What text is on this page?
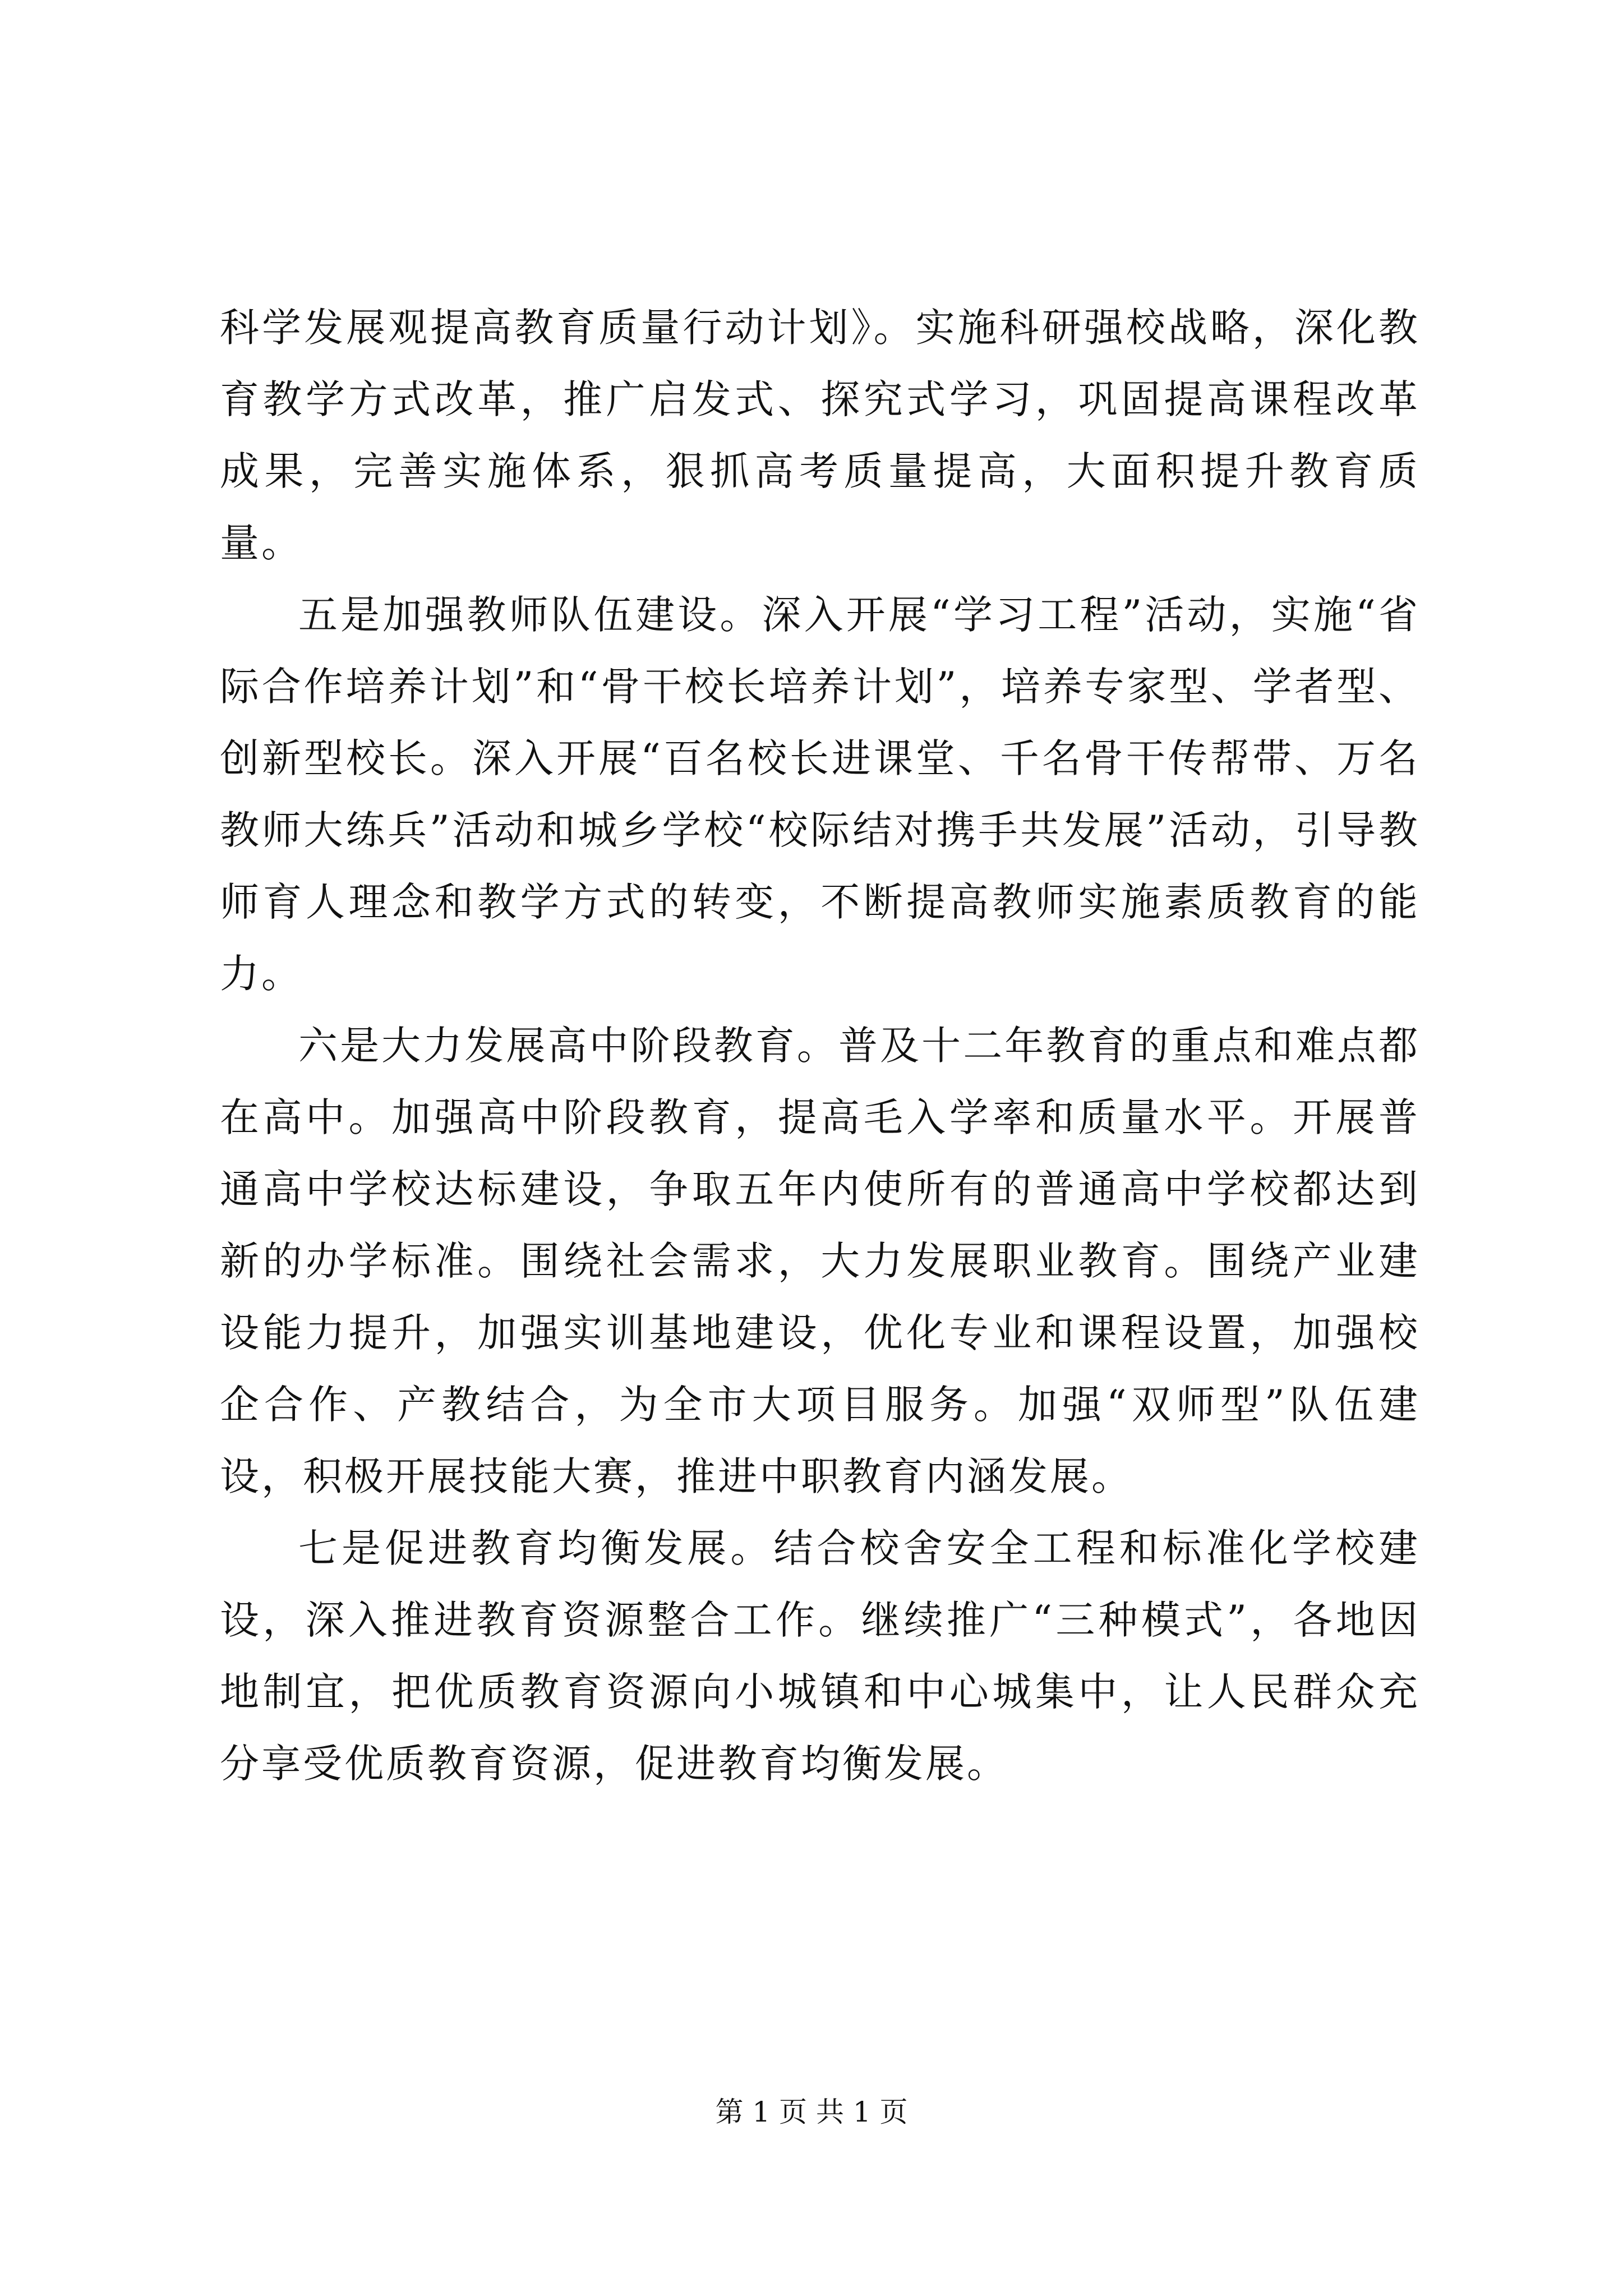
科学发展观提高教育质量行动计划》。实施科研强校战略，深化教育教学方式改革，推广启发式、探究式学习，巩固提高课程改革成果，完善实施体系，狠抓高考质量提高，大面积提升教育质量。

五是加强教师队伍建设。深入开展“学习工程”活动，实施“省际合作培养计划”和“骨干校长培养计划”，培养专家型、学者型、创新型校长。深入开展“百名校长进课堂、千名骨干传帮带、万名教师大练兵”活动和城乡学校“校际结对携手共发展”活动，引导教师育人理念和教学方式的转变，不断提高教师实施素质教育的能力。

六是大力发展高中阶段教育。普及十二年教育的重点和难点都在高中。加强高中阶段教育，提高毛入学率和质量水平。开展普通高中学校达标建设，争取五年内使所有的普通高中学校都达到新的办学标准。围绕社会需求，大力发展职业教育。围绕产业建设能力提升，加强实训基地建设，优化专业和课程设置，加强校企合作、产教结合，为全市大项目服务。加强“双师型”队伍建设，积极开展技能大赛，推进中职教育内涵发展。

七是促进教育均衡发展。结合校舍安全工程和标准化学校建设，深入推进教育资源整合工作。继续推广“三种模式”，各地因地制宜，把优质教育资源向小城镇和中心城集中，让人民群众充分享受优质教育资源，促进教育均衡发展。

第 1 页 共 1 页
